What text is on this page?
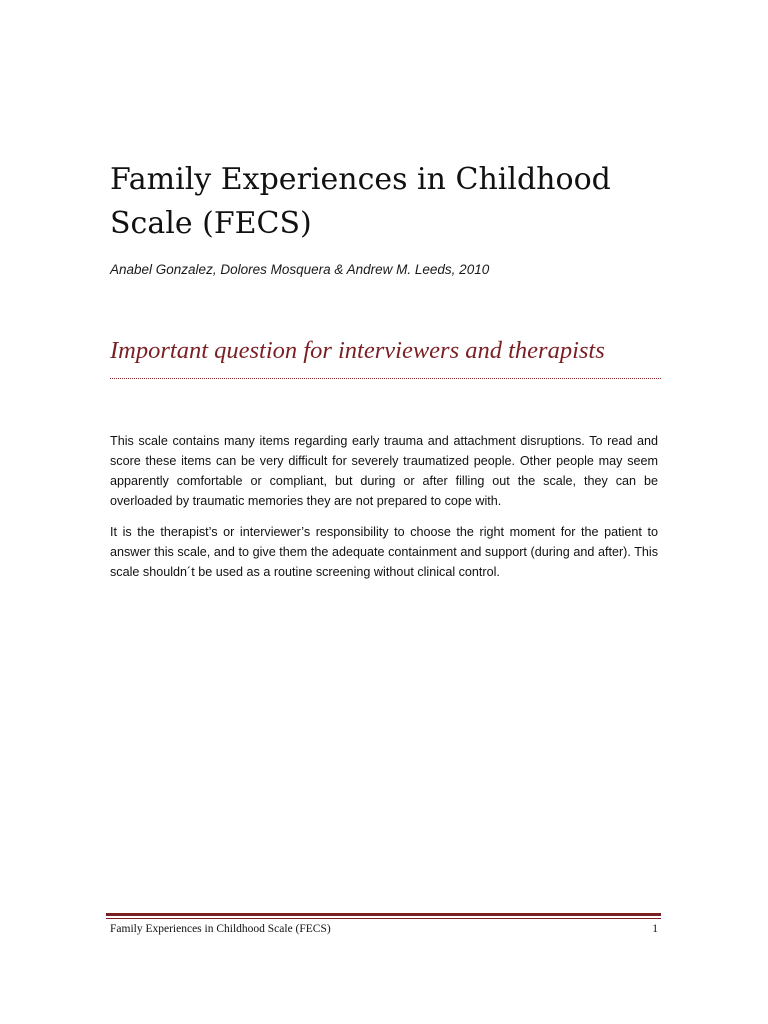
Family Experiences in Childhood
Scale (FECS)

Anabel Gonzalez, Dolores Mosquera & Andrew M. Leeds, 2010

Important question for interviewers and therapists

This scale contains many items regarding early trauma and attachment disruptions. To read and score these items can be very difficult for severely traumatized people. Other people may seem apparently comfortable or compliant, but during or after filling out the scale, they can be overloaded by traumatic memories they are not prepared to cope with.

It is the therapist’s or interviewer’s responsibility to choose the right moment for the patient to answer this scale, and to give them the adequate containment and support (during and after). This scale shouldn´t be used as a routine screening without clinical control.

Family Experiences in Childhood Scale (FECS)	1
